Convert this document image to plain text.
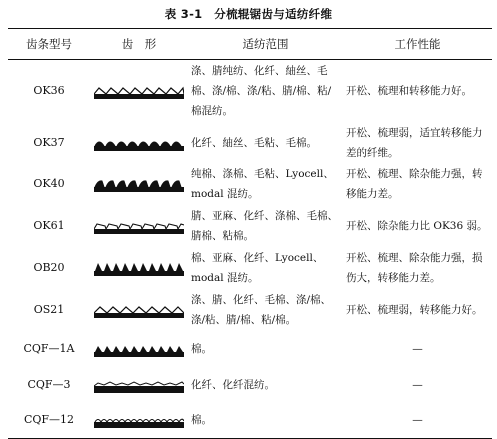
表 3-1　分梳辊锯齿与适纺纤维
齿条型号	齿　形	适纺范围	工作性能
OK36		涤、腈纯纺、化纤、紬丝、毛棉、涤/棉、涤/粘、腈/棉、粘/棉混纺。	开松、梳理和转移能力好。
OK37		化纤、紬丝、毛粘、毛棉。	开松、梳理弱，适宜转移能力差的纤维。
OK40		纯棉、涤棉、毛粘、Lyocell、modal 混纺。	开松、梳理、除杂能力强，转移能力差。
OK61		腈、亚麻、化纤、涤棉、毛棉、腈棉、粘棉。	开松、除杂能力比 OK36 弱。
OB20		棉、亚麻、化纤、Lyocell、modal 混纺。	开松、梳理、除杂能力强，损伤大，转移能力差。
OS21		涤、腈、化纤、毛棉、涤/棉、涤/粘、腈/棉、粘/棉。	开松、梳理弱，转移能力好。
CQF—1A		棉。	—
CQF—3		化纤、化纤混纺。	—
CQF—12		棉。	—
